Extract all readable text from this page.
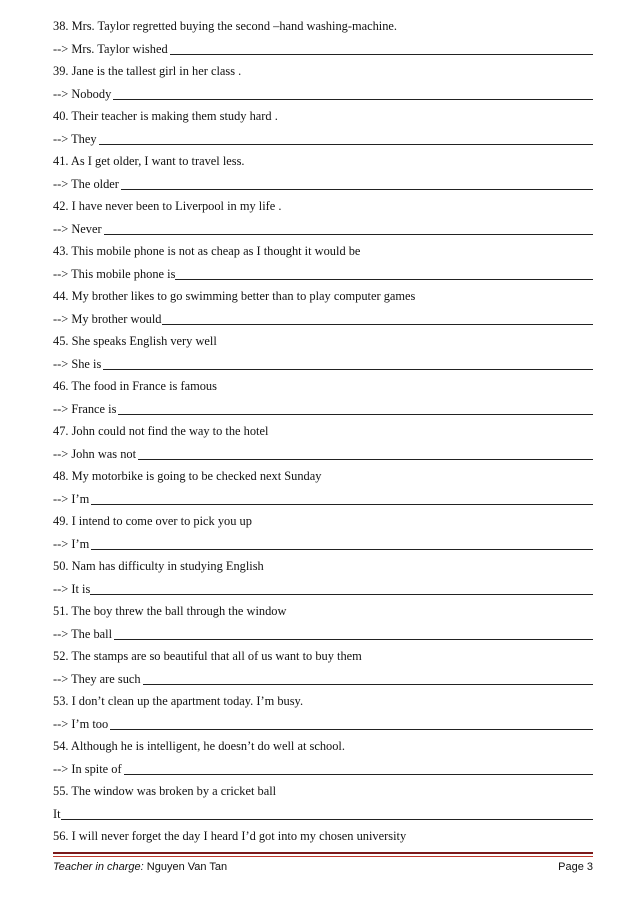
38. Mrs. Taylor regretted buying the second –hand washing-machine.
--> Mrs. Taylor wished
39. Jane is the tallest girl in her class .
--> Nobody
40. Their teacher is making them study hard .
--> They
41. As I get older, I want to travel less.
--> The older
42. I have never been to Liverpool in my life .
--> Never
43. This mobile phone is not as cheap as I thought it would be
--> This mobile phone is
44. My brother likes to go swimming better than to play computer games
--> My brother would
45. She speaks English very well
--> She is
46. The food in France is famous
--> France is
47. John could not find the way to the hotel
--> John was not
48. My motorbike is going to be checked next Sunday
--> I’m
49. I intend to come over to pick you up
--> I’m
50. Nam has difficulty in studying English
--> It is
51. The boy threw the ball through the window
--> The ball
52. The stamps are so beautiful that all of us want to buy them
--> They are such
53. I don’t clean up the apartment today. I’m busy.
--> I’m too
54. Although he is intelligent, he doesn’t do well at school.
--> In spite of
55. The window was broken by a cricket ball
It
56. I will never forget the day I heard I’d got into my chosen university
Teacher in charge: Nguyen Van Tan	Page 3
